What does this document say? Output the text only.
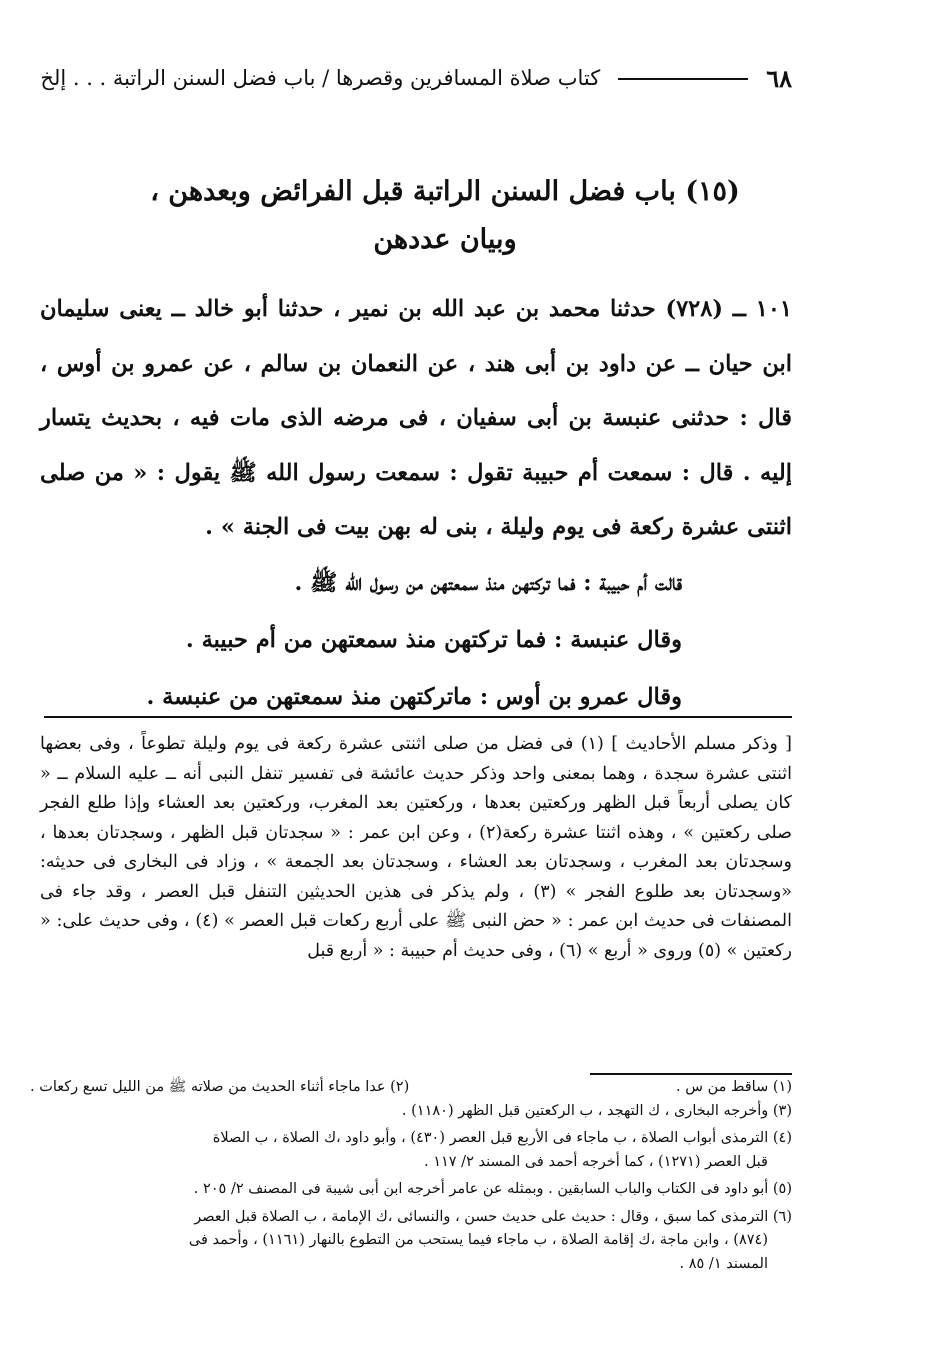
٦٨
كتاب صلاة المسافرين وقصرها / باب فضل السنن الراتبة . . . إلخ
(١٥) باب فضل السنن الراتبة قبل الفرائض وبعدهن ،
وبيان عددهن

١٠١ ــ (٧٢٨) حدثنا محمد بن عبد الله بن نمير ، حدثنا أبو خالد ــ يعنى سليمان ابن حيان ــ عن داود بن أبى هند ، عن النعمان بن سالم ، عن عمرو بن أوس ، قال : حدثنى عنبسة بن أبى سفيان ، فى مرضه الذى مات فيه ، بحديث يتسار إليه . قال : سمعت أم حبيبة تقول : سمعت رسول الله ﷺ يقول : « من صلى اثنتى عشرة ركعة فى يوم وليلة ، بنى له بهن بيت فى الجنة » .

قالت أم حبيبة : فما تركتهن منذ سمعتهن من رسول الله ﷺ .

وقال عنبسة : فما تركتهن منذ سمعتهن من أم حبيبة .

وقال عمرو بن أوس : ماتركتهن منذ سمعتهن من عنبسة .

[ وذكر مسلم الأحاديث ] (١) فى فضل من صلى اثنتى عشرة ركعة فى يوم وليلة تطوعاً ، وفى بعضها اثنتى عشرة سجدة ، وهما بمعنى واحد وذكر حديث عائشة فى تفسير تنفل النبى أنه ــ عليه السلام ــ « كان يصلى أربعاً قبل الظهر وركعتين بعدها ، وركعتين بعد المغرب، وركعتين بعد العشاء وإذا طلع الفجر صلى ركعتين » ، وهذه اثنتا عشرة ركعة(٢) ، وعن ابن عمر : « سجدتان قبل الظهر ، وسجدتان بعدها ، وسجدتان بعد المغرب ، وسجدتان بعد العشاء ، وسجدتان بعد الجمعة » ، وزاد فى البخارى فى حديثه: «وسجدتان بعد طلوع الفجر » (٣) ، ولم يذكر فى هذين الحديثين التنفل قبل العصر ، وقد جاء فى المصنفات فى حديث ابن عمر : « حض النبى ﷺ على أربع ركعات قبل العصر » (٤) ، وفى حديث على: « ركعتين » (٥) وروى « أربع » (٦) ، وفى حديث أم حبيبة : « أربع قبل

(١) ساقط من س .
(٢) عدا ماجاء أثناء الحديث من صلاته ﷺ من الليل تسع ركعات .

(٣) وأخرجه البخارى ، ك التهجد ، ب الركعتين قبل الظهر (١١٨٠) .

(٤) الترمذى أبواب الصلاة ، ب ماجاء فى الأربع قبل العصر (٤٣٠) ، وأبو داود ،ك الصلاة ، ب الصلاة
قبل العصر (١٢٧١) ، كما أخرجه أحمد فى المسند ٢/ ١١٧ .

(٥) أبو داود فى الكتاب والباب السابقين . وبمثله عن عامر أخرجه ابن أبى شيبة فى المصنف ٢/ ٢٠٥ .

(٦) الترمذى كما سبق ، وقال : حديث على حديث حسن ، والنسائى ،ك الإمامة ، ب الصلاة قبل العصر
(٨٧٤) ، وابن ماجة ،ك إقامة الصلاة ، ب ماجاء فيما يستحب من التطوع بالنهار (١١٦١) ، وأحمد فى
المسند ١/ ٨٥ .
